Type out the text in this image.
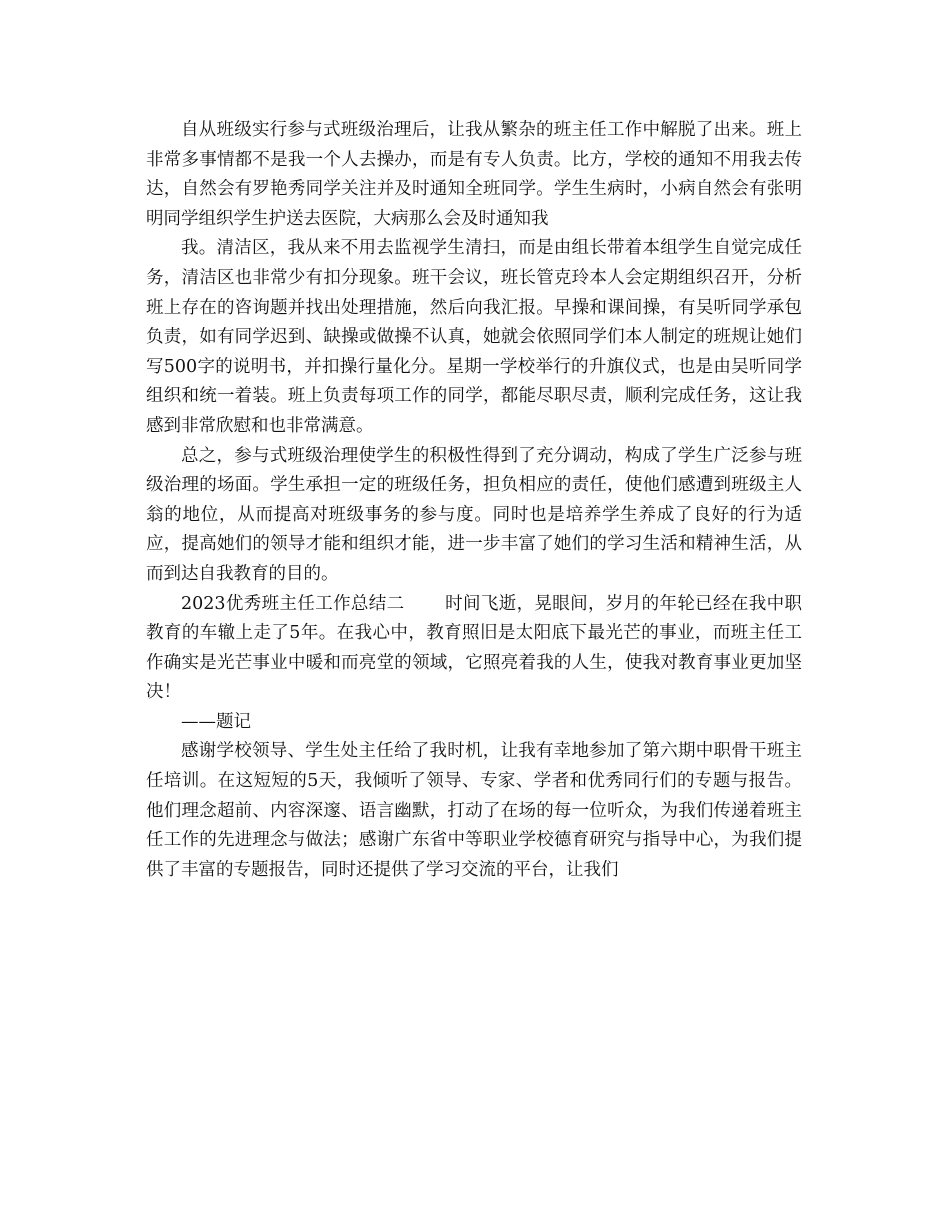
自从班级实行参与式班级治理后，让我从繁杂的班主任工作中解脱了出来。班上非常多事情都不是我一个人去操办，而是有专人负责。比方，学校的通知不用我去传达，自然会有罗艳秀同学关注并及时通知全班同学。学生生病时，小病自然会有张明明同学组织学生护送去医院，大病那么会及时通知我

我。清洁区，我从来不用去监视学生清扫，而是由组长带着本组学生自觉完成任务，清洁区也非常少有扣分现象。班干会议，班长管克玲本人会定期组织召开，分析班上存在的咨询题并找出处理措施，然后向我汇报。早操和课间操，有吴听同学承包负责，如有同学迟到、缺操或做操不认真，她就会依照同学们本人制定的班规让她们写500字的说明书，并扣操行量化分。星期一学校举行的升旗仪式，也是由吴听同学组织和统一着装。班上负责每项工作的同学，都能尽职尽责，顺利完成任务，这让我感到非常欣慰和也非常满意。

总之，参与式班级治理使学生的积极性得到了充分调动，构成了学生广泛参与班级治理的场面。学生承担一定的班级任务，担负相应的责任，使他们感遭到班级主人翁的地位，从而提高对班级事务的参与度。同时也是培养学生养成了良好的行为适应，提高她们的领导才能和组织才能，进一步丰富了她们的学习生活和精神生活，从而到达自我教育的目的。

2023优秀班主任工作总结二 时间飞逝，晃眼间，岁月的年轮已经在我中职教育的车辙上走了5年。在我心中，教育照旧是太阳底下最光芒的事业，而班主任工作确实是光芒事业中暖和而亮堂的领域，它照亮着我的人生，使我对教育事业更加坚决！

——题记

感谢学校领导、学生处主任给了我时机，让我有幸地参加了第六期中职骨干班主任培训。在这短短的5天，我倾听了领导、专家、学者和优秀同行们的专题与报告。他们理念超前、内容深邃、语言幽默，打动了在场的每一位听众，为我们传递着班主任工作的先进理念与做法；感谢广东省中等职业学校德育研究与指导中心，为我们提供了丰富的专题报告，同时还提供了学习交流的平台，让我们
